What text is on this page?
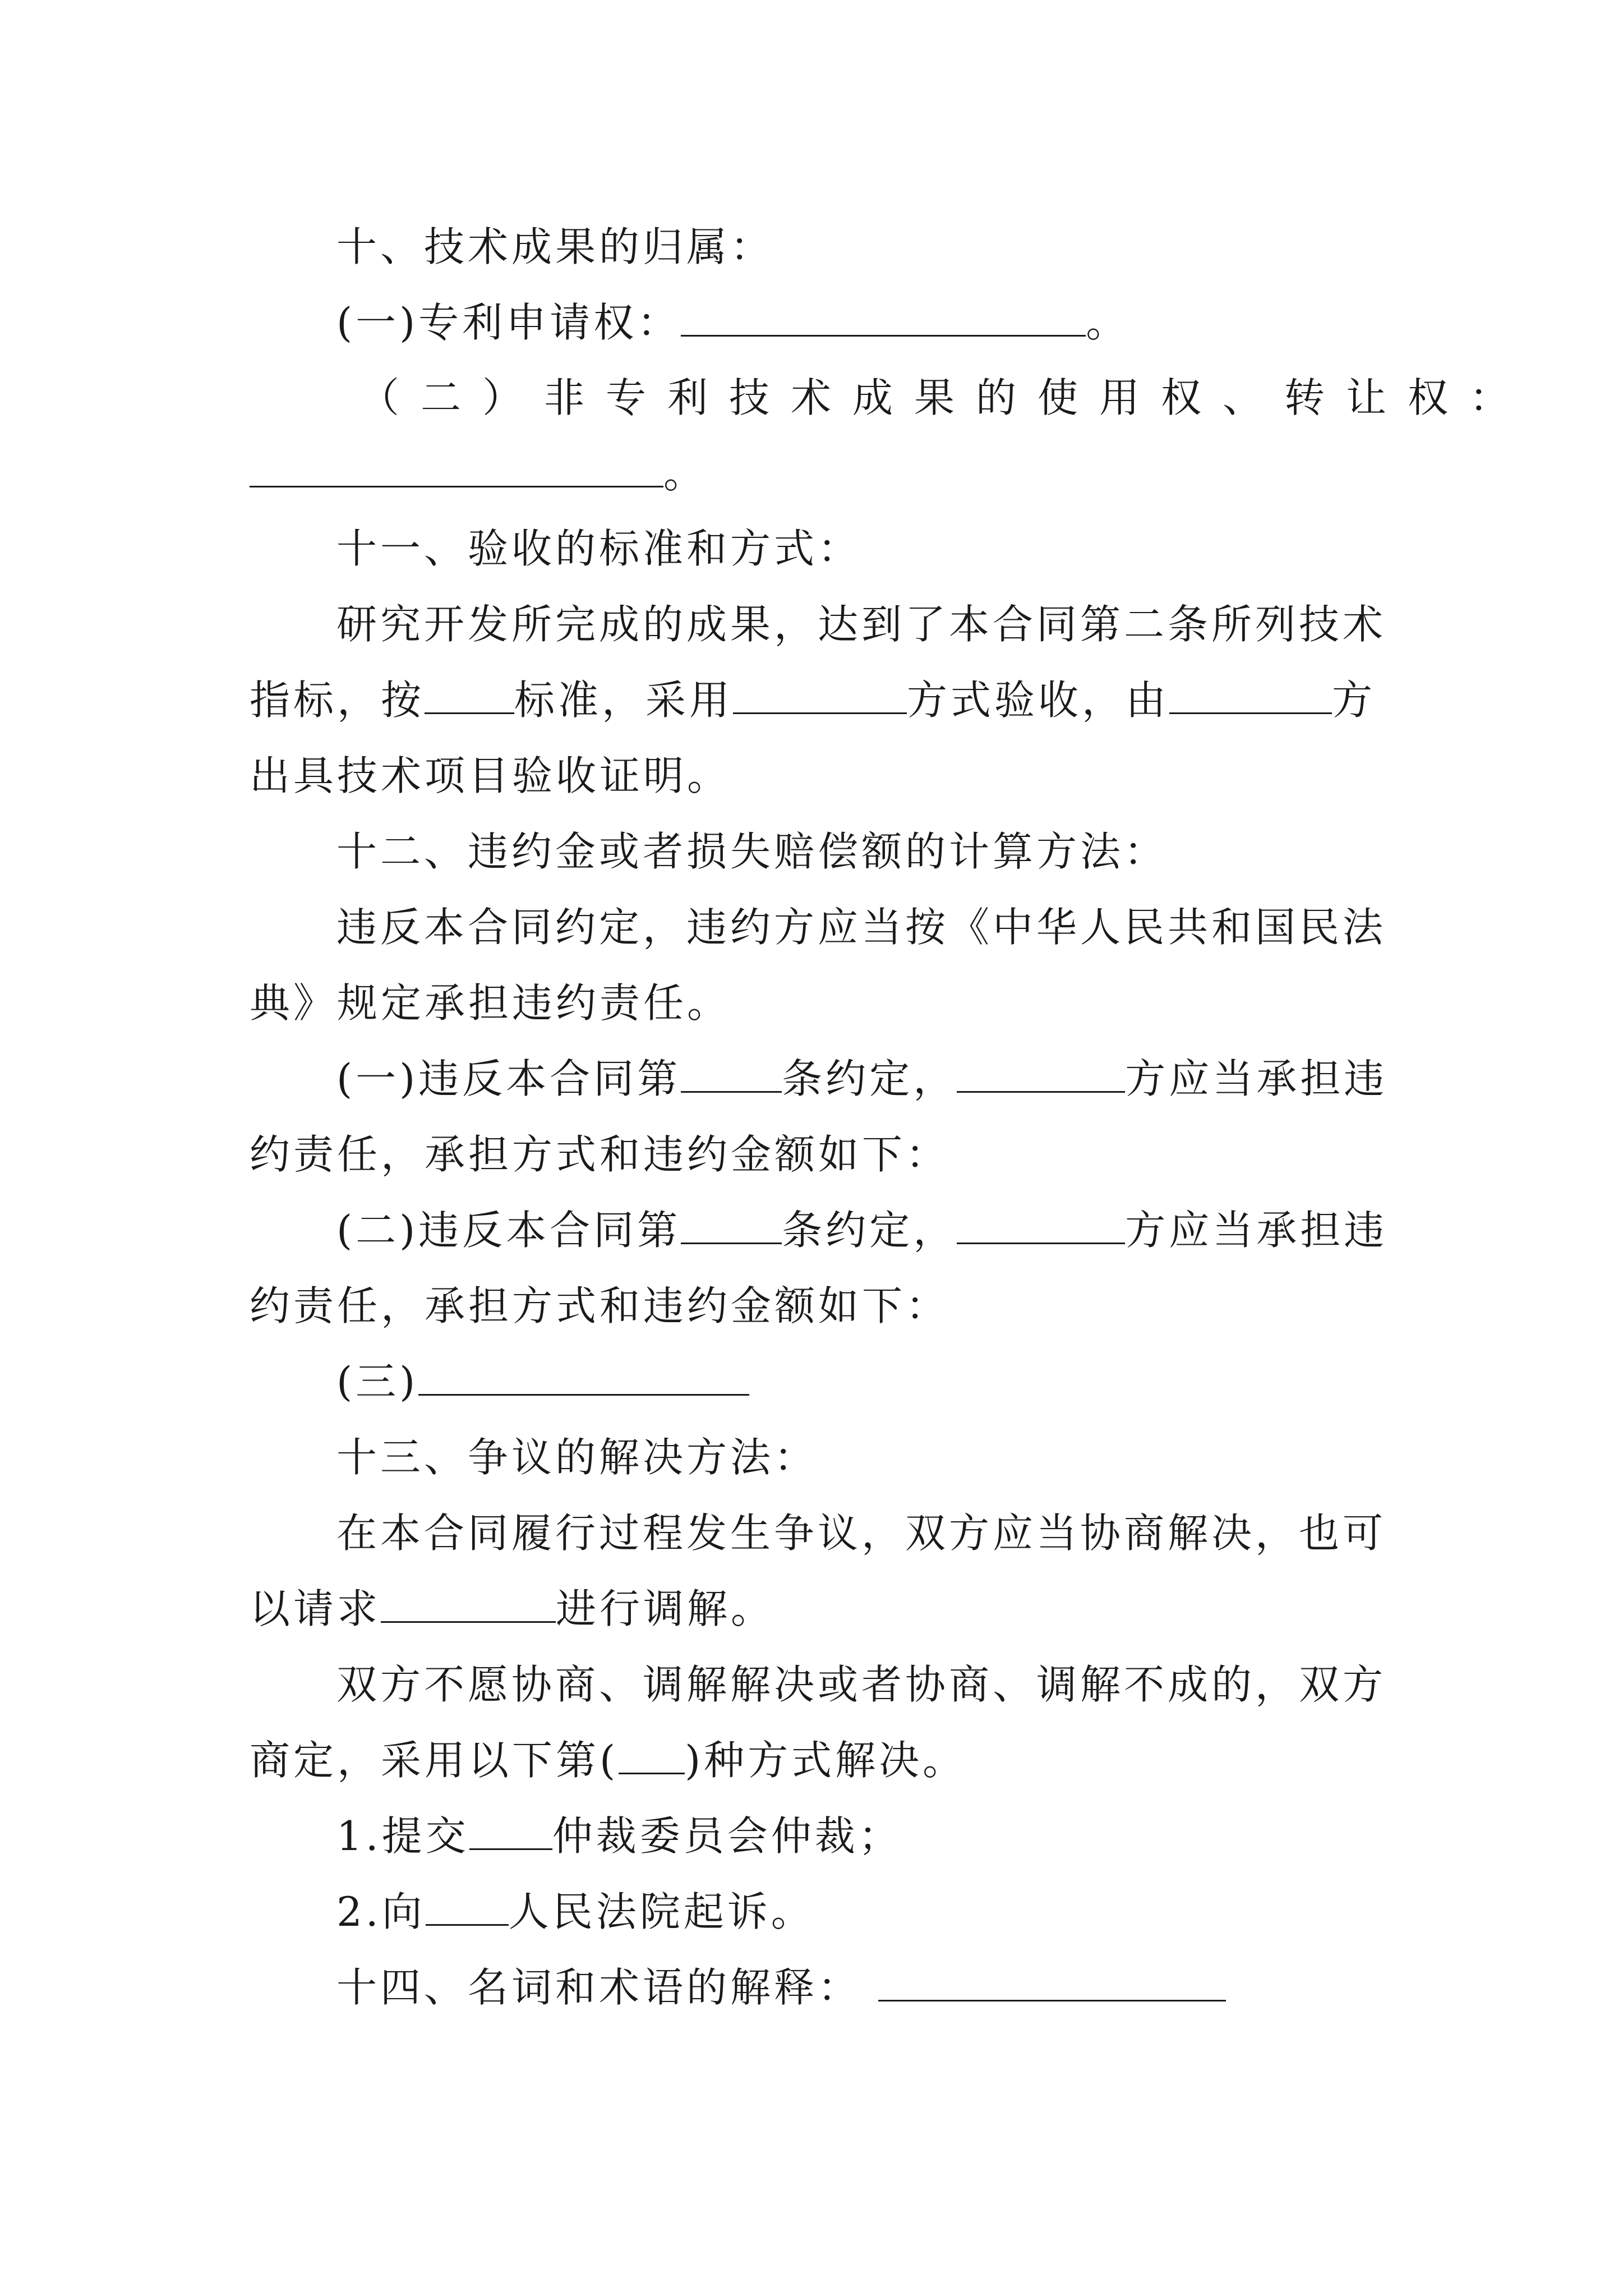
十、技术成果的归属：
(一)专利申请权：	。
（二）非专利技术成果的使用权、转让权：
。
十一、验收的标准和方式：
研究开发所完成的成果，达到了本合同第二条所列技术
指标，按 标准，采用	方式验收，由	方
出具技术项目验收证明。
十二、违约金或者损失赔偿额的计算方法：
违反本合同约定，违约方应当按《中华人民共和国民法
典》规定承担违约责任。
(一)违反本合同第	条约定，	方应当承担违
约责任，承担方式和违约金额如下：
(二)违反本合同第	条约定，	方应当承担违
约责任，承担方式和违约金额如下：
(三)
十三、争议的解决方法：
在本合同履行过程发生争议，双方应当协商解决，也可
以请求	进行调解。
双方不愿协商、调解解决或者协商、调解不成的，双方
商定，采用以下第( )种方式解决。
1.提交 仲裁委员会仲裁；
2.向 人民法院起诉。
十四、名词和术语的解释：
